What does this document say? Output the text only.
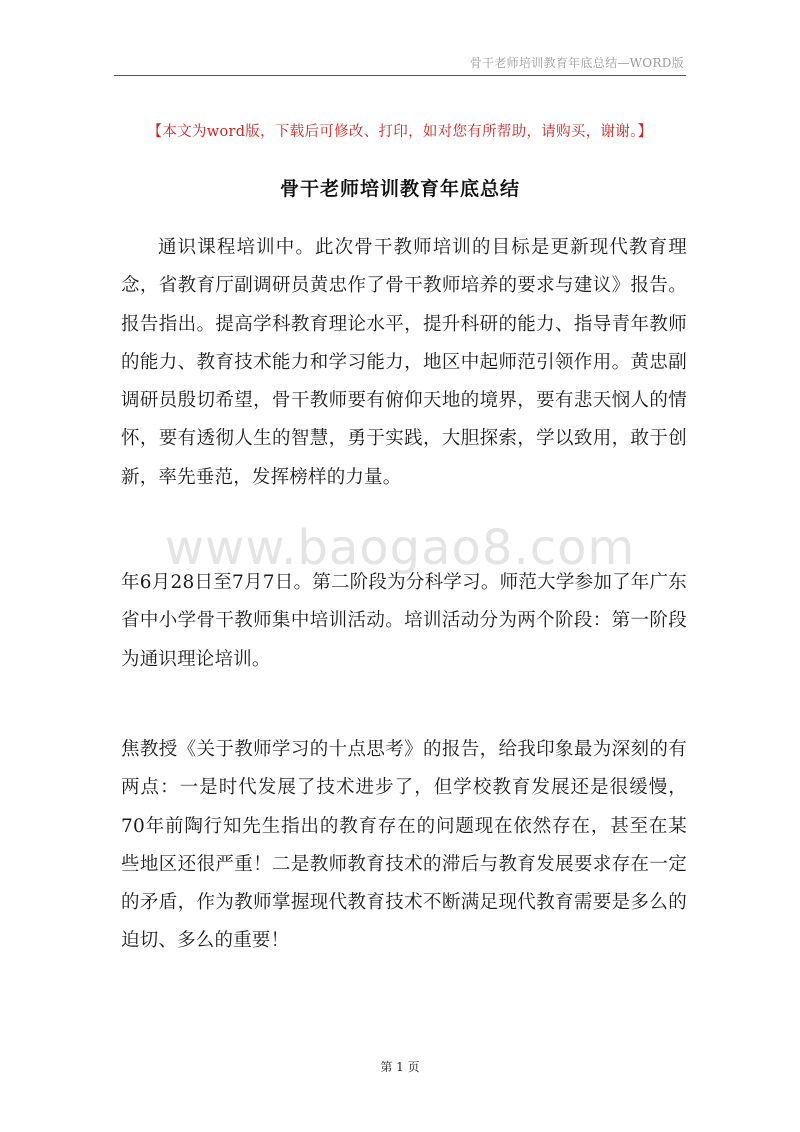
骨干老师培训教育年底总结—WORD版
【本文为word版，下载后可修改、打印，如对您有所帮助，请购买，谢谢。】
骨干老师培训教育年底总结
通识课程培训中。此次骨干教师培训的目标是更新现代教育理念，省教育厅副调研员黄忠作了骨干教师培养的要求与建议》报告。报告指出。提高学科教育理论水平，提升科研的能力、指导青年教师的能力、教育技术能力和学习能力，地区中起师范引领作用。黄忠副调研员殷切希望，骨干教师要有俯仰天地的境界，要有悲天悯人的情怀，要有透彻人生的智慧，勇于实践，大胆探索，学以致用，敢于创新，率先垂范，发挥榜样的力量。
www.baogao8.com
年6月28日至7月7日。第二阶段为分科学习。师范大学参加了年广东省中小学骨干教师集中培训活动。培训活动分为两个阶段：第一阶段为通识理论培训。
焦教授《关于教师学习的十点思考》的报告，给我印象最为深刻的有两点：一是时代发展了技术进步了，但学校教育发展还是很缓慢，70年前陶行知先生指出的教育存在的问题现在依然存在，甚至在某些地区还很严重！二是教师教育技术的滞后与教育发展要求存在一定的矛盾，作为教师掌握现代教育技术不断满足现代教育需要是多么的迫切、多么的重要！
第 1 页
